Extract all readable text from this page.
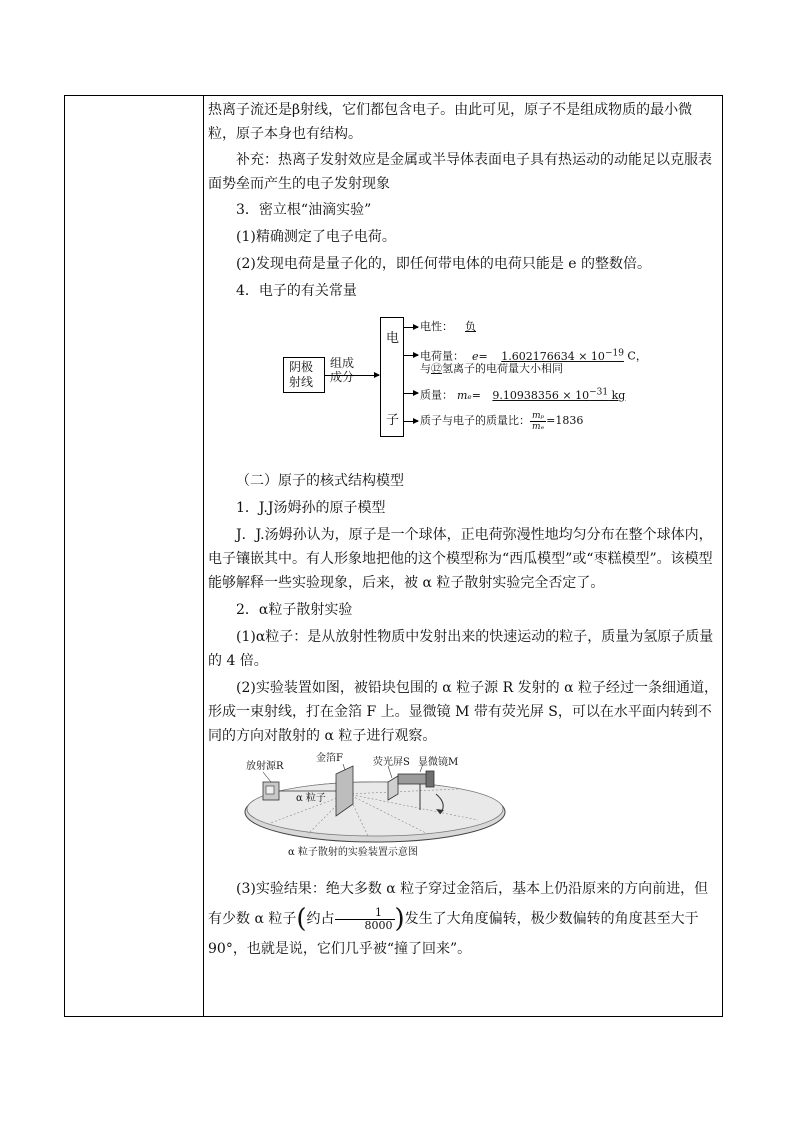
热离子流还是β射线，它们都包含电子。由此可见，原子不是组成物质的最小微粒，原子本身也有结构。

补充：热离子发射效应是金属或半导体表面电子具有热运动的动能足以克服表面势垒而产生的电子发射现象

3．密立根“油滴实验”

(1)精确测定了电子电荷。

(2)发现电荷是量子化的，即任何带电体的电荷只能是 e 的整数倍。

4．电子的有关常量

阴极
射线
组成
成分
电
子
电性： 负
电荷量： $e= 1.602176634 \times 10^{-19}$ C，
与⑫氢离子的电荷量大小相同
质量： $m_e= 9.10938356 \times 10^{-31}$ kg
质子与电子的质量比： $\frac{\text{mₚ}}{\text{mₑ}} =1836$

（二）原子的核式结构模型

1．J.J汤姆孙的原子模型

J．J.汤姆孙认为，原子是一个球体，正电荷弥漫性地均匀分布在整个球体内，电子镶嵌其中。有人形象地把他的这个模型称为“西瓜模型”或“枣糕模型”。该模型能够解释一些实验现象，后来，被 α 粒子散射实验完全否定了。

2．α粒子散射实验

(1)α粒子：是从放射性物质中发射出来的快速运动的粒子，质量为氢原子质量的 4 倍。

(2)实验装置如图，被铅块包围的 α 粒子源 R 发射的 α 粒子经过一条细通道，形成一束射线，打在金箔 F 上。显微镜 M 带有荧光屏 S，可以在水平面内转到不同的方向对散射的 α 粒子进行观察。

放射源R
金箔F	荧光屏S 显微镜M
α 粒子
α 粒子散射的实验装置示意图

(3)实验结果：绝大多数 α 粒子穿过金箔后，基本上仍沿原来的方向前进，但有少数 α 粒子(约占 $\frac{1}{8000}$ )发生了大角度偏转，极少数偏转的角度甚至大于 90°，也就是说，它们几乎被“撞了回来”。
